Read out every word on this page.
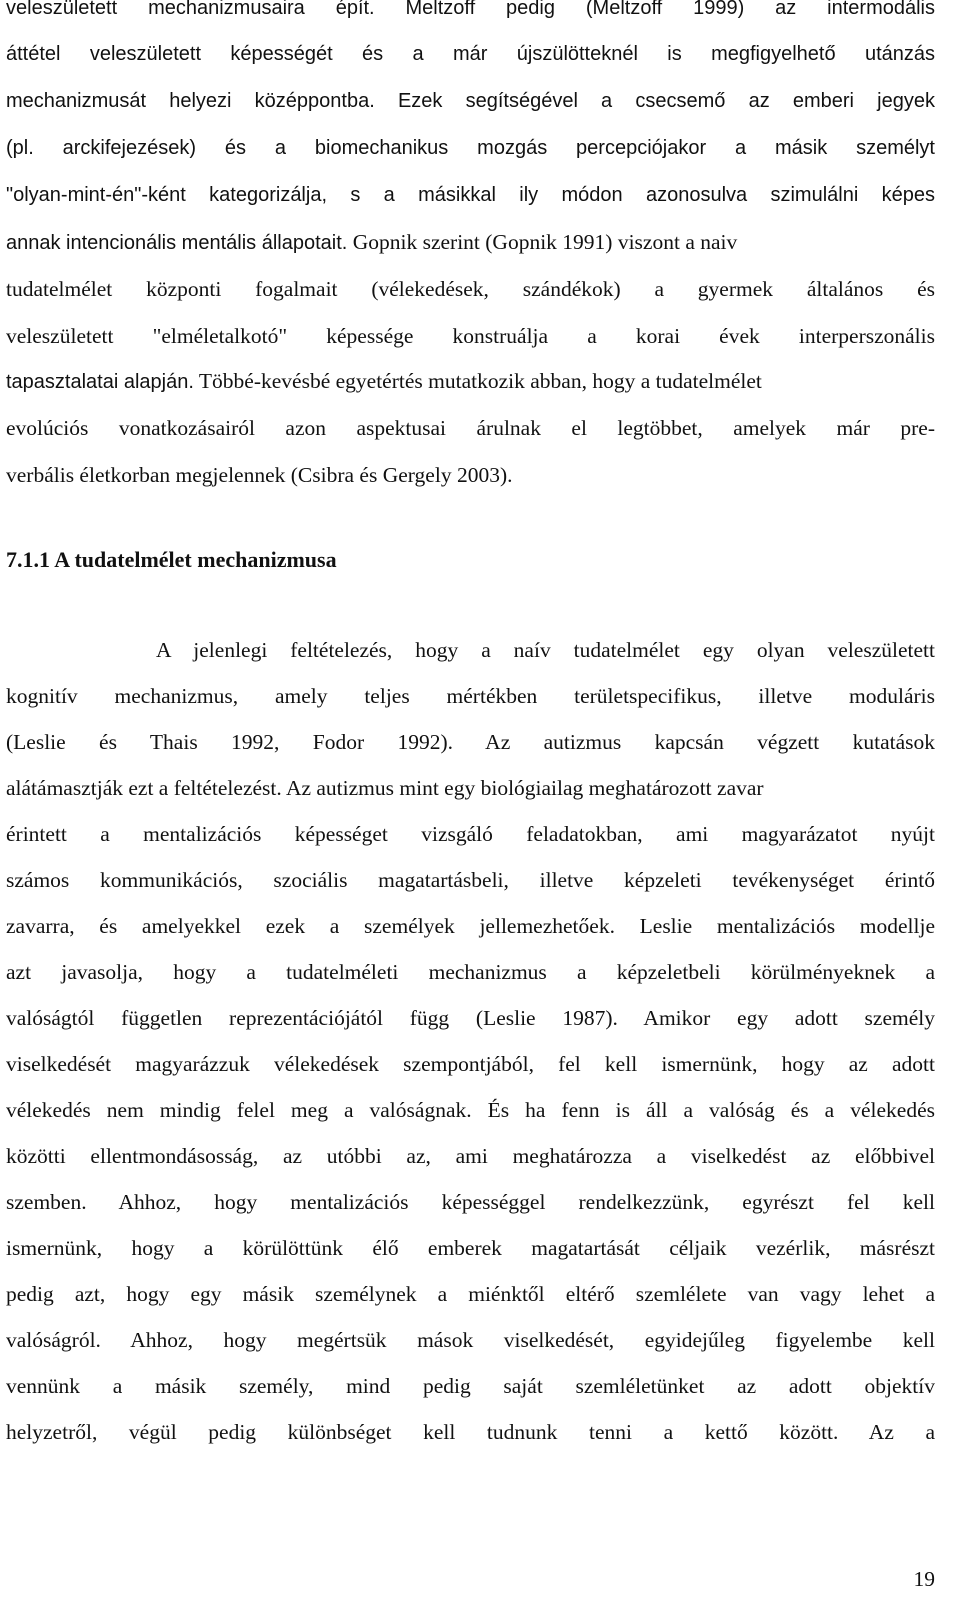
veleszületett mechanizmusaira épít. Meltzoff pedig (Meltzoff 1999) az intermodális
áttétel veleszületett képességét és a már újszülötteknél is megfigyelhető utánzás
mechanizmusát helyezi középpontba. Ezek segítségével a csecsemő az emberi jegyek
(pl. arckifejezések) és a biomechanikus mozgás percepciójakor a másik személyt
"olyan-mint-én"-ként kategorizálja, s a másikkal ily módon azonosulva szimulálni képes
annak intencionális mentális állapotait. Gopnik szerint (Gopnik 1991) viszont a naiv
tudatelmélet központi fogalmait (vélekedések, szándékok) a gyermek általános és
veleszületett "elméletalkotó" képessége konstruálja a korai évek interperszonális
tapasztalatai alapján. Többé-kevésbé egyetértés mutatkozik abban, hogy a tudatelmélet
evolúciós vonatkozásairól azon aspektusai árulnak el legtöbbet, amelyek már pre-
verbális életkorban megjelennek (Csibra és Gergely 2003).
7.1.1 A tudatelmélet mechanizmusa
A jelenlegi feltételezés, hogy a naív tudatelmélet egy olyan veleszületett
kognitív mechanizmus, amely teljes mértékben területspecifikus, illetve moduláris
(Leslie és Thais 1992, Fodor 1992). Az autizmus kapcsán végzett kutatások
alátámasztják ezt a feltételezést. Az autizmus mint egy biológiailag meghatározott zavar
érintett a mentalizációs képességet vizsgáló feladatokban, ami magyarázatot nyújt
számos kommunikációs, szociális magatartásbeli, illetve képzeleti tevékenységet érintő
zavarra, és amelyekkel ezek a személyek jellemezhetőek. Leslie mentalizációs modellje
azt javasolja, hogy a tudatelméleti mechanizmus a képzeletbeli körülményeknek a
valóságtól független reprezentációjától függ (Leslie 1987). Amikor egy adott személy
viselkedését magyarázzuk vélekedések szempontjából, fel kell ismernünk, hogy az adott
vélekedés nem mindig felel meg a valóságnak. És ha fenn is áll a valóság és a vélekedés
közötti ellentmondásosság, az utóbbi az, ami meghatározza a viselkedést az előbbivel
szemben. Ahhoz, hogy mentalizációs képességgel rendelkezzünk, egyrészt fel kell
ismernünk, hogy a körülöttünk élő emberek magatartását céljaik vezérlik, másrészt
pedig azt, hogy egy másik személynek a miénktől eltérő szemlélete van vagy lehet a
valóságról. Ahhoz, hogy megértsük mások viselkedését, egyidejűleg figyelembe kell
vennünk a másik személy, mind pedig saját szemléletünket az adott objektív
helyzetről, végül pedig különbséget kell tudnunk tenni a kettő között. Az a
19
